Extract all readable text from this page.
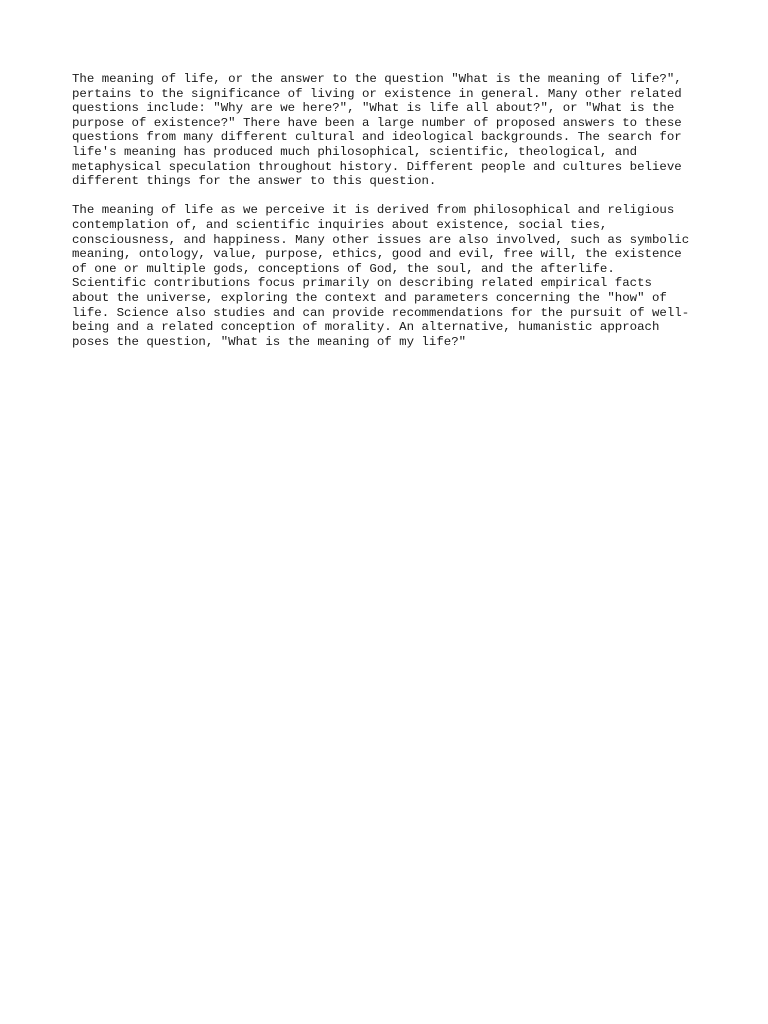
The meaning of life, or the answer to the question "What is the meaning of life?",
pertains to the significance of living or existence in general. Many other related
questions include: "Why are we here?", "What is life all about?", or "What is the
purpose of existence?" There have been a large number of proposed answers to these
questions from many different cultural and ideological backgrounds. The search for
life's meaning has produced much philosophical, scientific, theological, and
metaphysical speculation throughout history. Different people and cultures believe
different things for the answer to this question.

The meaning of life as we perceive it is derived from philosophical and religious
contemplation of, and scientific inquiries about existence, social ties,
consciousness, and happiness. Many other issues are also involved, such as symbolic
meaning, ontology, value, purpose, ethics, good and evil, free will, the existence
of one or multiple gods, conceptions of God, the soul, and the afterlife.
Scientific contributions focus primarily on describing related empirical facts
about the universe, exploring the context and parameters concerning the "how" of
life. Science also studies and can provide recommendations for the pursuit of well-
being and a related conception of morality. An alternative, humanistic approach
poses the question, "What is the meaning of my life?"
